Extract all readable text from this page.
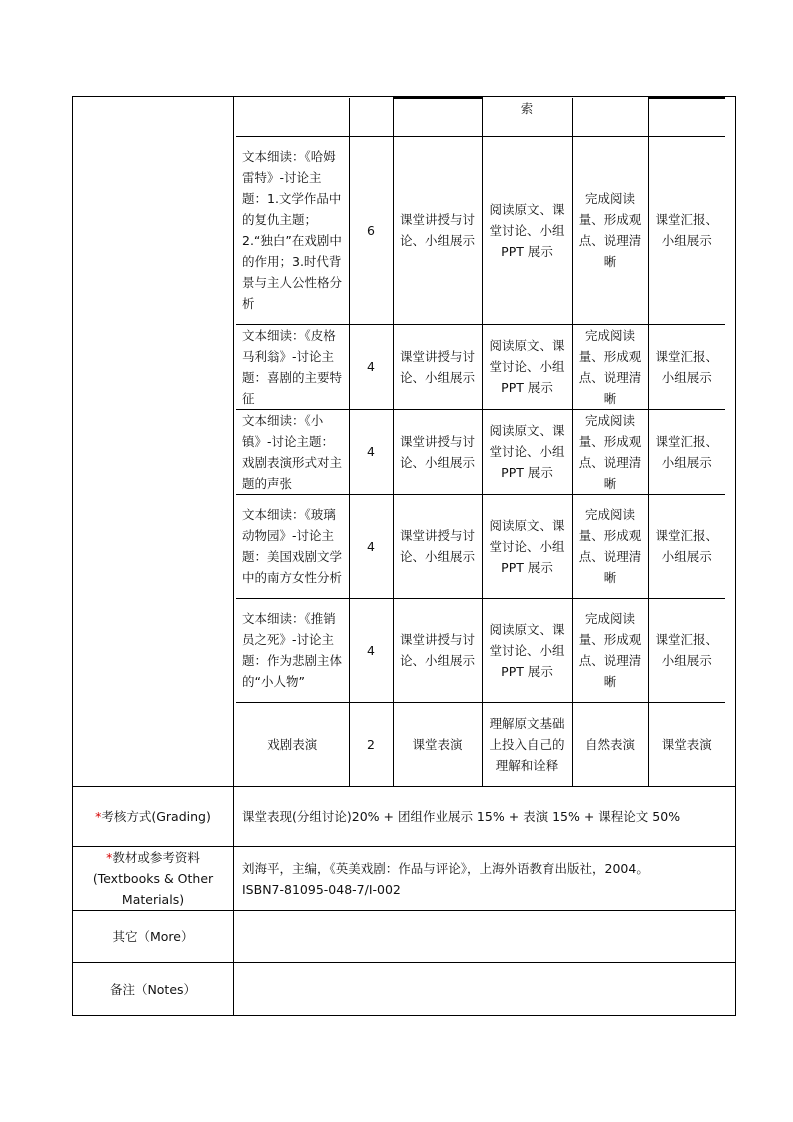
			索		
文本细读：《哈姆雷特》-讨论主题：1.文学作品中的复仇主题；2.“独白”在戏剧中的作用；3.时代背景与主人公性格分析	6	课堂讲授与讨论、小组展示	阅读原文、课堂讨论、小组 PPT 展示	完成阅读量、形成观点、说理清晰	课堂汇报、小组展示
文本细读：《皮格马利翁》-讨论主题：喜剧的主要特征	4	课堂讲授与讨论、小组展示	阅读原文、课堂讨论、小组 PPT 展示	完成阅读量、形成观点、说理清晰	课堂汇报、小组展示
文本细读：《小镇》-讨论主题：戏剧表演形式对主题的声张	4	课堂讲授与讨论、小组展示	阅读原文、课堂讨论、小组 PPT 展示	完成阅读量、形成观点、说理清晰	课堂汇报、小组展示
文本细读：《玻璃动物园》-讨论主题：美国戏剧文学中的南方女性分析	4	课堂讲授与讨论、小组展示	阅读原文、课堂讨论、小组 PPT 展示	完成阅读量、形成观点、说理清晰	课堂汇报、小组展示
文本细读：《推销员之死》-讨论主题：作为悲剧主体的“小人物”	4	课堂讲授与讨论、小组展示	阅读原文、课堂讨论、小组 PPT 展示	完成阅读量、形成观点、说理清晰	课堂汇报、小组展示
戏剧表演	2	课堂表演	理解原文基础上投入自己的理解和诠释	自然表演	课堂表演

*考核方式(Grading)	课堂表现(分组讨论)20% + 团组作业展示 15% + 表演 15% + 课程论文 50%

*教材或参考资料
(Textbooks & Other
Materials)

刘海平，主编，《英美戏剧：作品与评论》，上海外语教育出版社，2004。
ISBN7-81095-048-7/I-002

其它（More）	
备注（Notes）	
